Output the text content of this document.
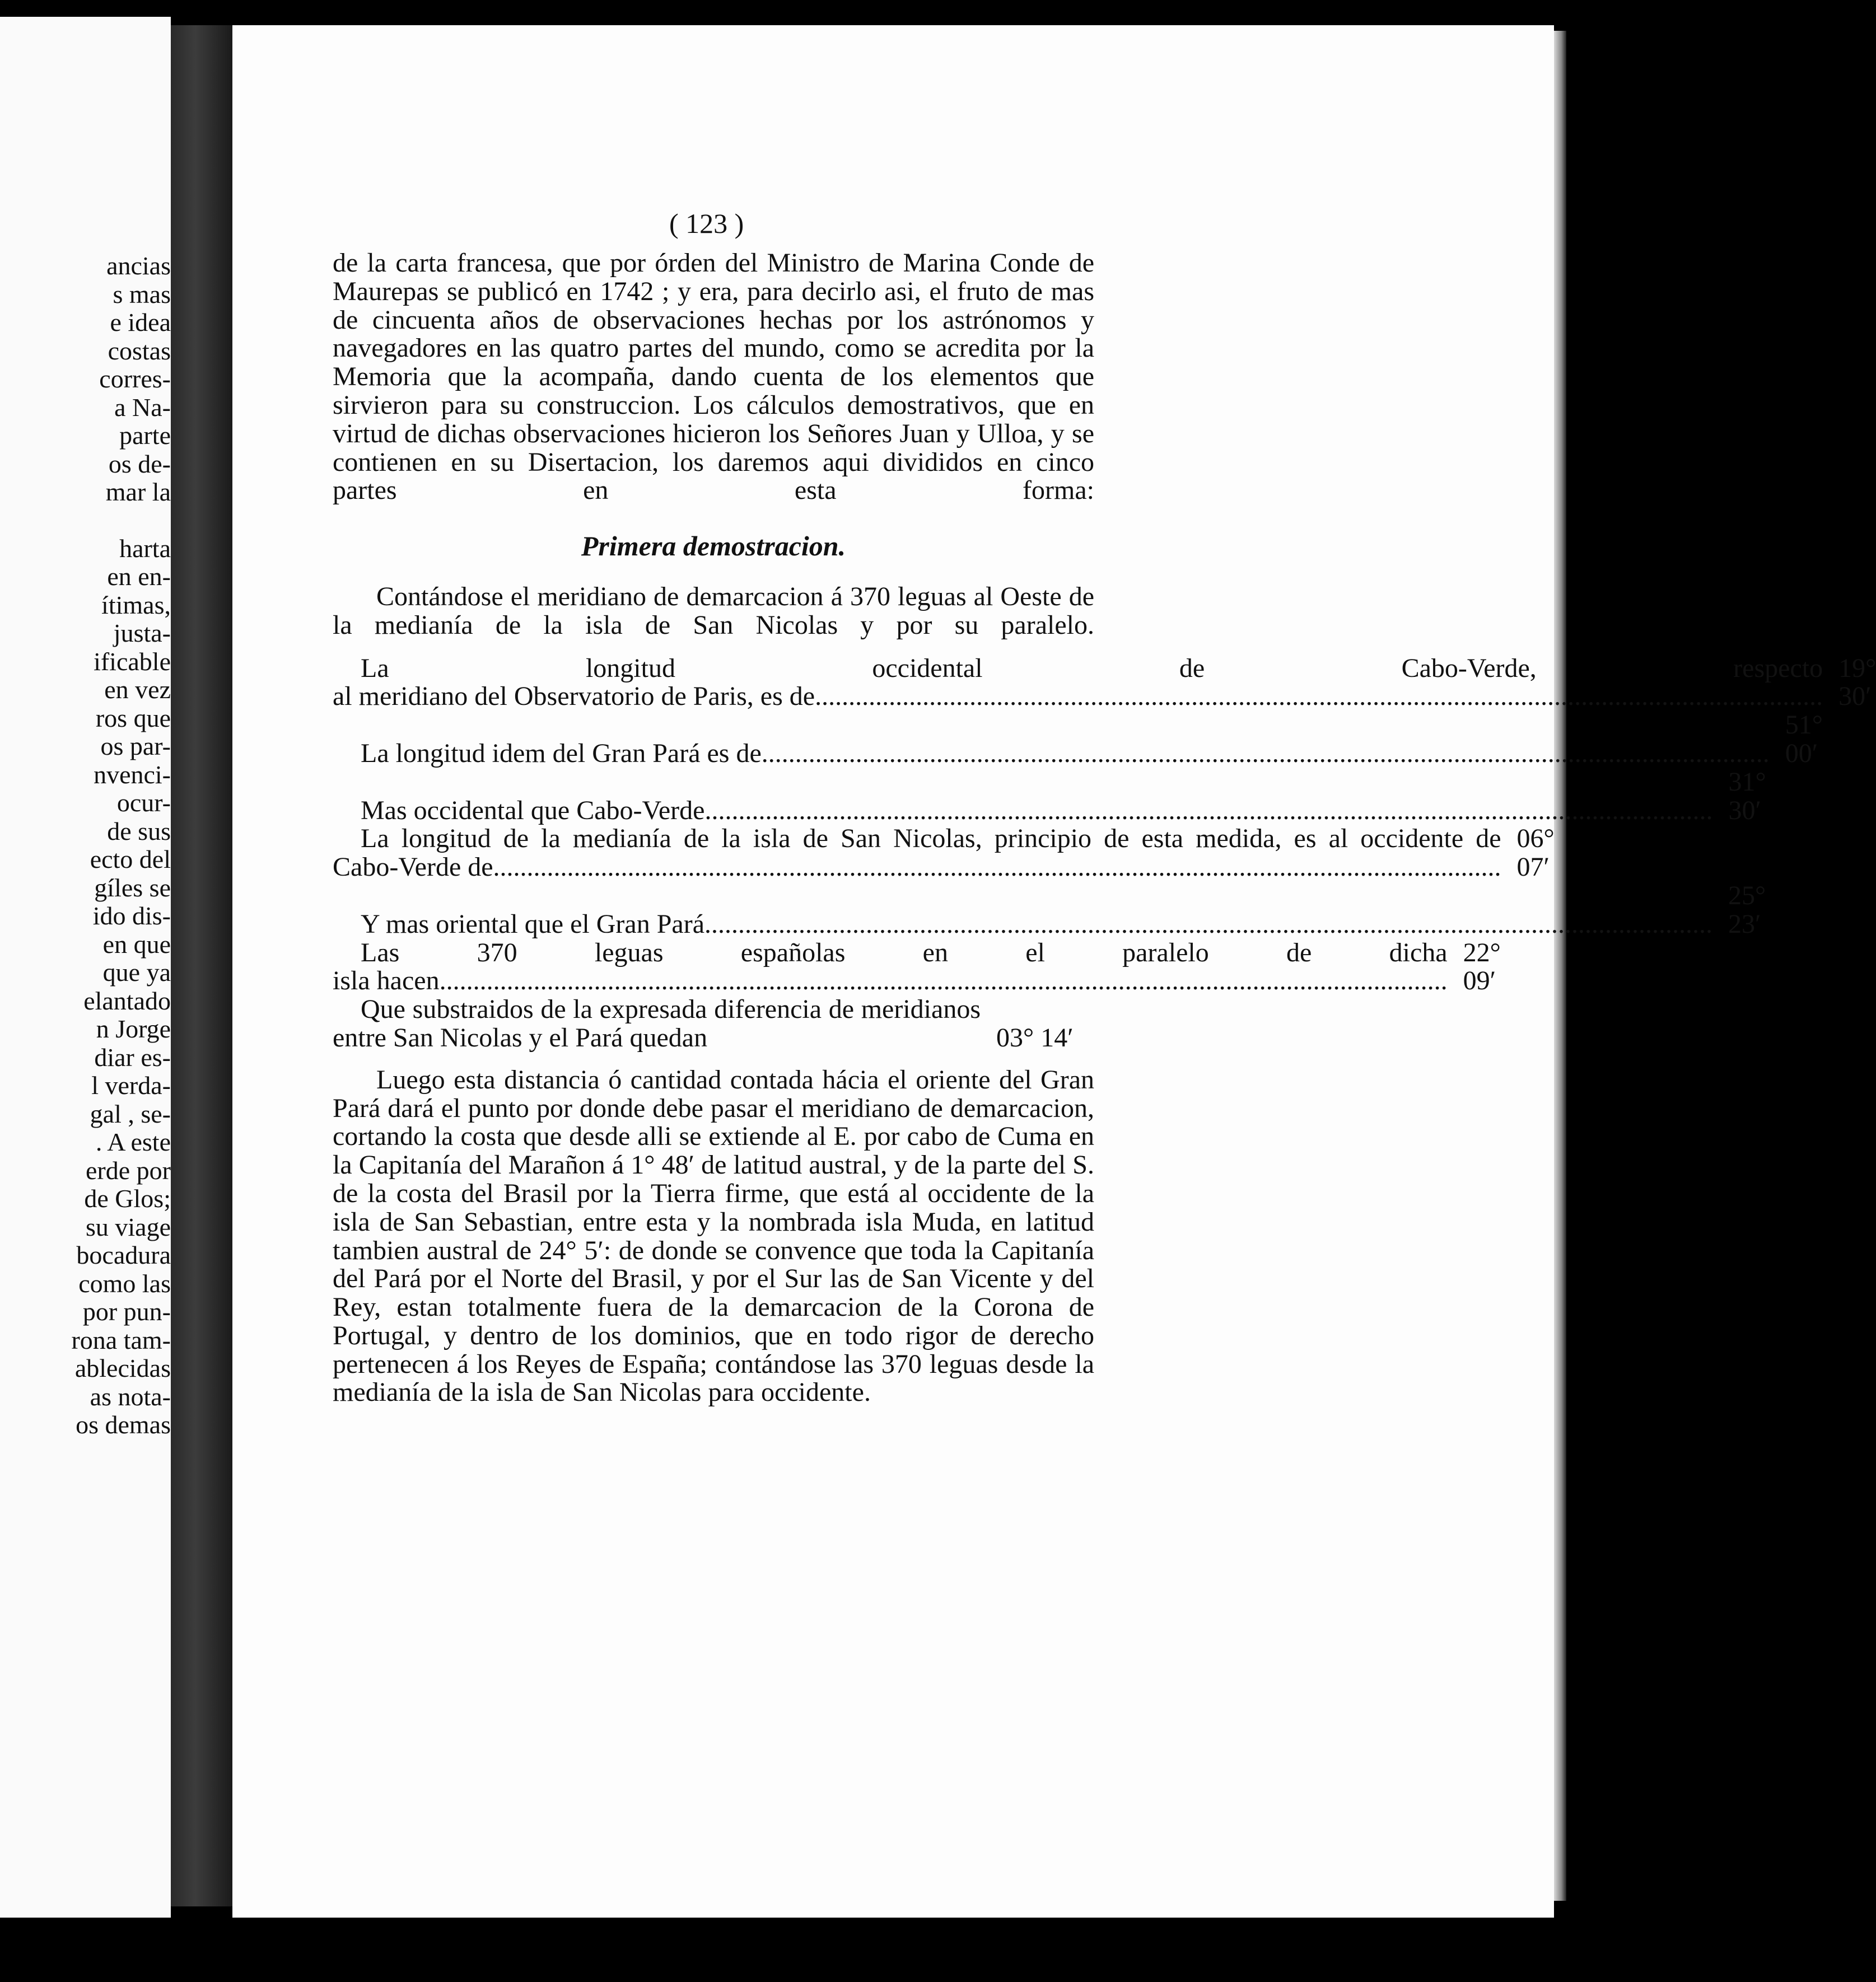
ancias
s mas
e idea
costas
corres-
a Na-
parte
os de-
mar la
harta
en en-
ítimas,
justa-
ificable
en vez
ros que
os par-
nvenci-
ocur-
de sus
ecto del
gíles se
ido dis-
en que
que ya
elantado
n Jorge
diar es-
l verda-
gal , se-
. A este
erde por
de Glos;
su viage
bocadura
como las
por pun-
rona tam-
ablecidas
as nota-
os demas
( 123 )

de la carta francesa, que por órden del Ministro de Marina Conde de Maurepas se publicó en 1742 ; y era, para decirlo asi, el fruto de mas de cincuenta años de observaciones hechas por los astrónomos y navegadores en las quatro partes del mundo, como se acredita por la Memoria que la acompaña, dando cuenta de los elementos que sirvieron para su construccion. Los cálculos demostrativos, que en virtud de dichas observaciones hicieron los Señores Juan y Ulloa, y se contienen en su Disertacion, los daremos aqui divididos en cinco partes en esta forma:

Primera demostracion.

Contándose el meridiano de demarcacion á 370 leguas al Oeste de la medianía de la isla de San Nicolas y por su paralelo.

La longitud occidental de Cabo-Verde, respecto
al meridiano del Observatorio de Paris, es de
.....
19° 30′
La longitud idem del Gran Pará es de
.....
51° 00′
Mas occidental que Cabo-Verde
.....
31° 30′
La longitud de la medianía de la isla de San Nicolas, principio de esta medida, es al occidente de
Cabo-Verde de
.....
06° 07′
Y mas oriental que el Gran Pará
.....
25° 23′
Las 370 leguas españolas en el paralelo de dicha
isla hacen
.....
22° 09′
Que substraidos de la expresada diferencia de meridianos entre San Nicolas y el Pará quedan	03° 14′

Luego esta distancia ó cantidad contada hácia el oriente del Gran Pará dará el punto por donde debe pasar el meridiano de demarcacion, cortando la costa que desde alli se extiende al E. por cabo de Cuma en la Capitanía del Marañon á 1° 48′ de latitud austral, y de la parte del S. de la costa del Brasil por la Tierra firme, que está al occidente de la isla de San Sebastian, entre esta y la nombrada isla Muda, en latitud tambien austral de 24° 5′: de donde se convence que toda la Capitanía del Pará por el Norte del Brasil, y por el Sur las de San Vicente y del Rey, estan totalmente fuera de la demarcacion de la Corona de Portugal, y dentro de los dominios, que en todo rigor de derecho pertenecen á los Reyes de España; contándose las 370 leguas desde la medianía de la isla de San Nicolas para occidente.
